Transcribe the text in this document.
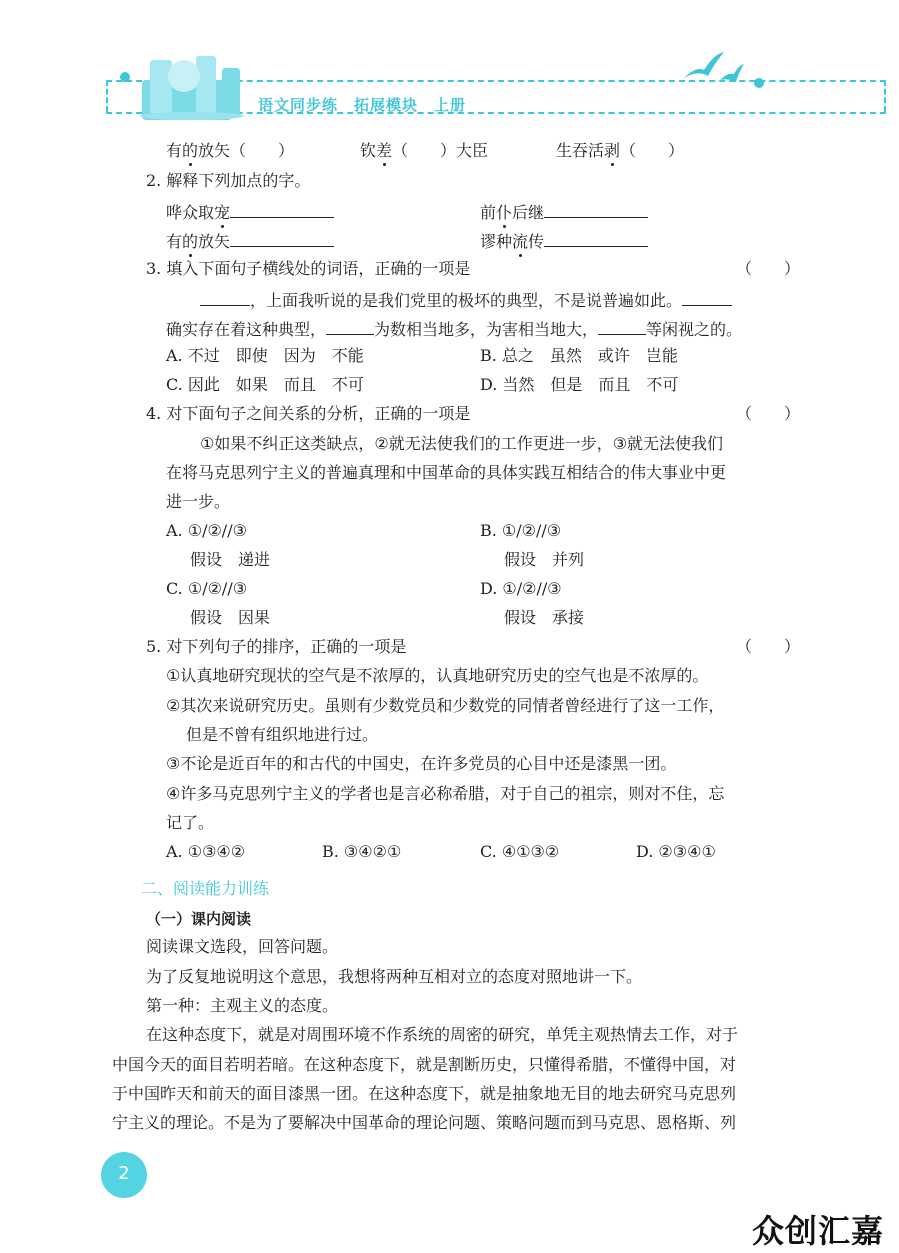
语文同步练　拓展模块　上册
有的放矢（　　）	钦差（　　）大臣	生吞活剥（　　）
2. 解释下列加点的字。
哗众取宠	前仆后继
有的放矢	谬种流传
3. 填入下面句子横线处的词语，正确的一项是	（　　）
，上面我听说的是我们党里的极坏的典型，不是说普遍如此。
确实存在着这种典型，	为数相当地多，为害相当地大，	等闲视之的。
A. 不过　即使　因为　不能	B. 总之　虽然　或许　岂能
C. 因此　如果　而且　不可	D. 当然　但是　而且　不可
4. 对下面句子之间关系的分析，正确的一项是	（　　）
①如果不纠正这类缺点，②就无法使我们的工作更进一步，③就无法使我们
在将马克思列宁主义的普遍真理和中国革命的具体实践互相结合的伟大事业中更
进一步。
A. ①/②//③
假设　递进
B. ①/②//③
假设　并列
C. ①/②//③
假设　因果
D. ①/②//③
假设　承接
5. 对下列句子的排序，正确的一项是	（　　）
①认真地研究现状的空气是不浓厚的，认真地研究历史的空气也是不浓厚的。
②其次来说研究历史。虽则有少数党员和少数党的同情者曾经进行了这一工作，
但是不曾有组织地进行过。
③不论是近百年的和古代的中国史，在许多党员的心目中还是漆黑一团。
④许多马克思列宁主义的学者也是言必称希腊，对于自己的祖宗，则对不住，忘
记了。
A. ①③④②	B. ③④②①	C. ④①③②	D. ②③④①
二、阅读能力训练
（一）课内阅读
阅读课文选段，回答问题。
为了反复地说明这个意思，我想将两种互相对立的态度对照地讲一下。
第一种：主观主义的态度。
在这种态度下，就是对周围环境不作系统的周密的研究，单凭主观热情去工作，对于
中国今天的面目若明若暗。在这种态度下，就是割断历史，只懂得希腊，不懂得中国，对
于中国昨天和前天的面目漆黑一团。在这种态度下，就是抽象地无目的地去研究马克思列
宁主义的理论。不是为了要解决中国革命的理论问题、策略问题而到马克思、恩格斯、列
2
众创汇嘉
